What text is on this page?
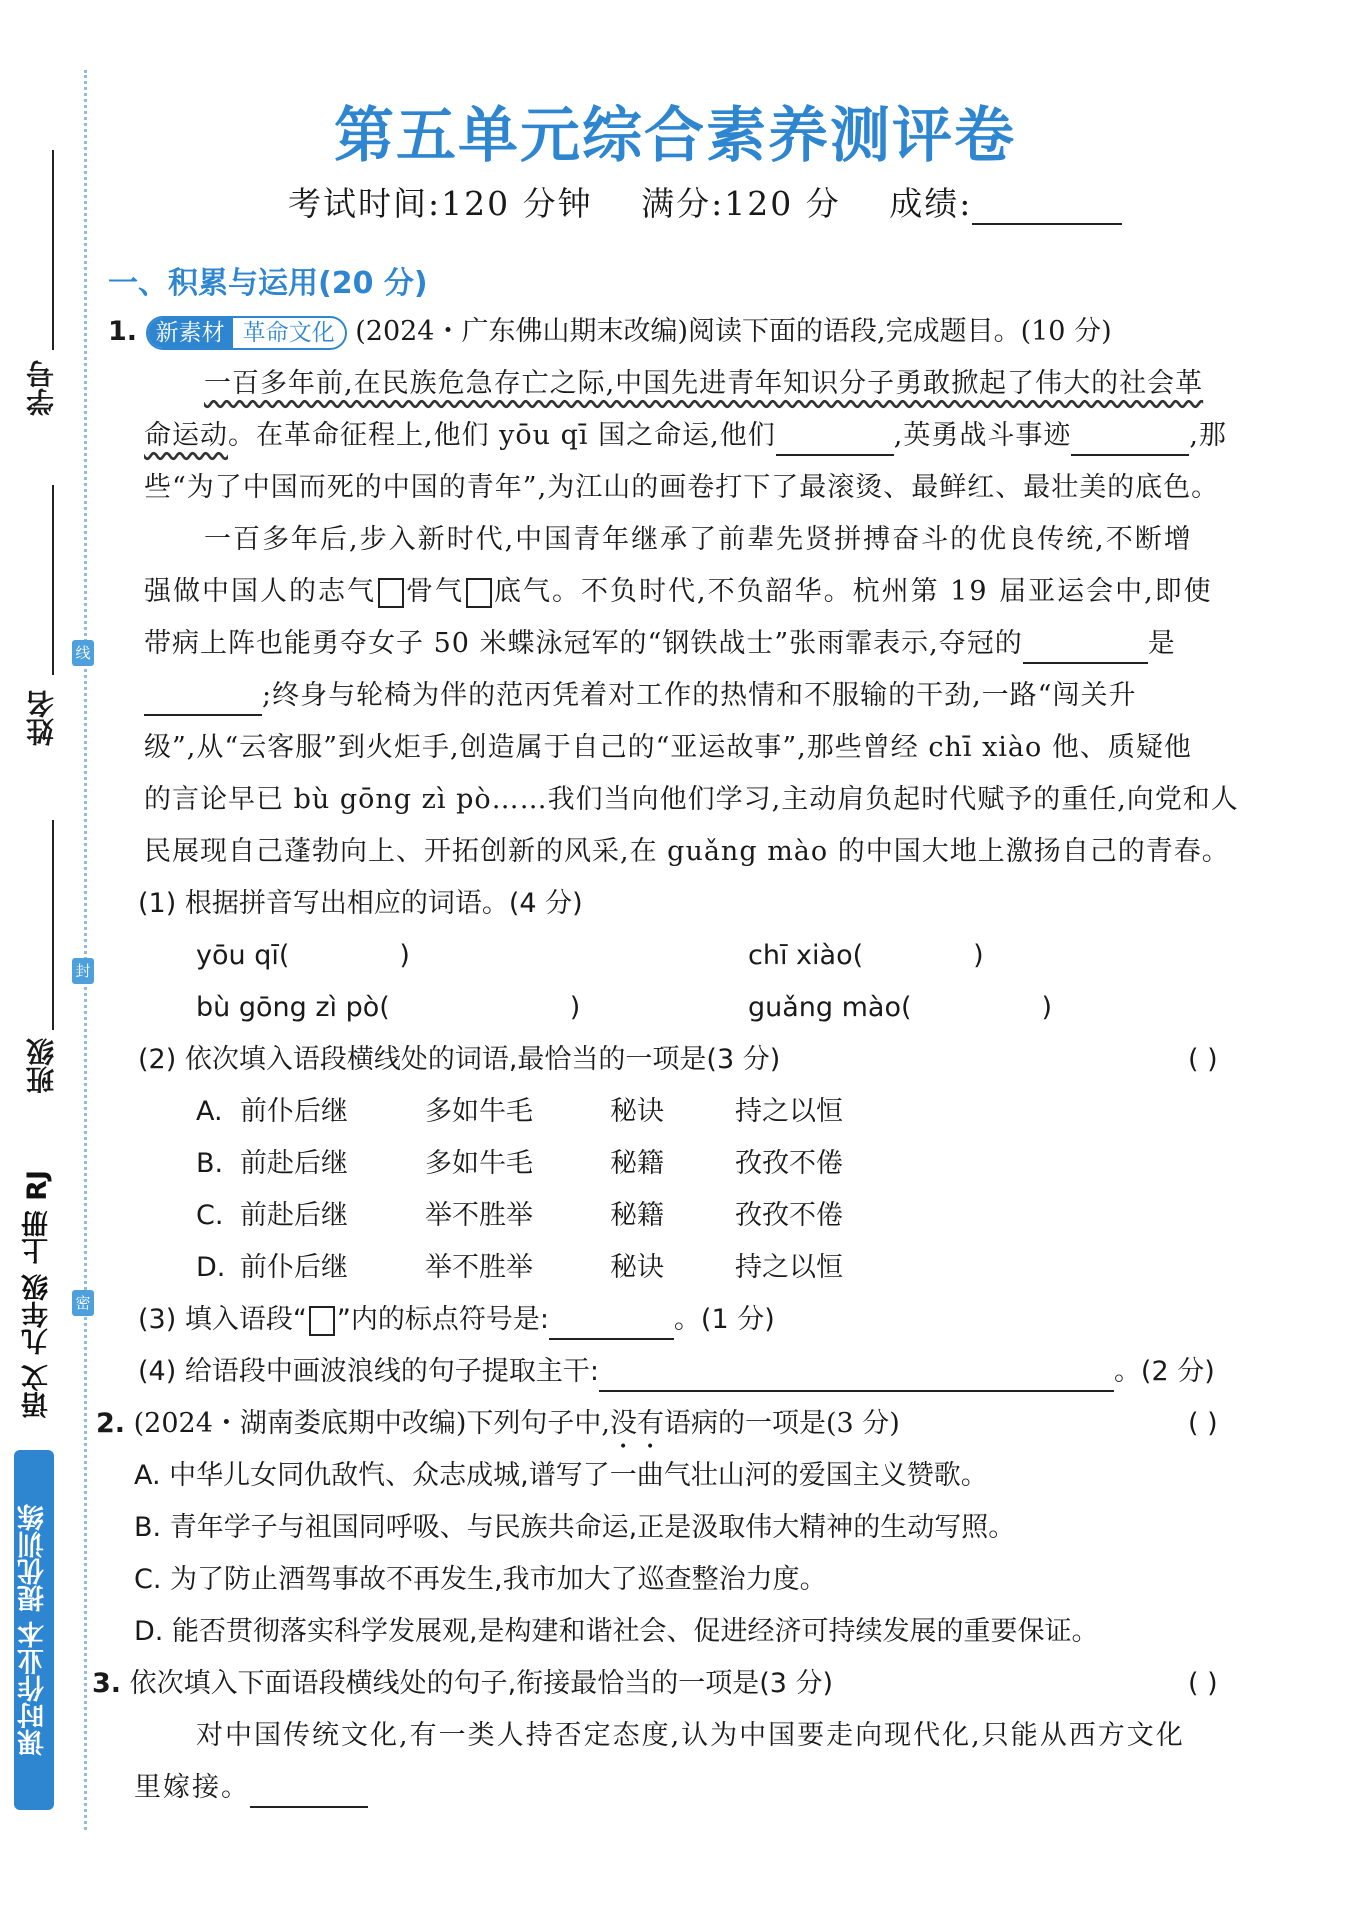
线
封
密
学号
姓名
班级
语文 九年级 上册 RJ
课时作业本 提优训练
第五单元综合素养测评卷
考试时间:120 分钟 满分:120 分 成绩:
一、积累与运用(20 分)
1. 新素材 革命文化 (2024・广东佛山期末改编)阅读下面的语段,完成题目。(10 分)
一百多年前,在民族危急存亡之际,中国先进青年知识分子勇敢掀起了伟大的社会革
命运动。在革命征程上,他们 yōu qī 国之命运,他们	,英勇战斗事迹	,那
些“为了中国而死的中国的青年”,为江山的画卷打下了最滚烫、最鲜红、最壮美的底色。
一百多年后,步入新时代,中国青年继承了前辈先贤拼搏奋斗的优良传统,不断增
强做中国人的志气 骨气 底气。不负时代,不负韶华。杭州第 19 届亚运会中,即使
带病上阵也能勇夺女子 50 米蝶泳冠军的“钢铁战士”张雨霏表示,夺冠的	是
;终身与轮椅为伴的范丙凭着对工作的热情和不服输的干劲,一路“闯关升
级”,从“云客服”到火炬手,创造属于自己的“亚运故事”,那些曾经 chī xiào 他、质疑他
的言论早已 bù gōng zì pò……我们当向他们学习,主动肩负起时代赋予的重任,向党和人
民展现自己蓬勃向上、开拓创新的风采,在 guǎng mào 的中国大地上激扬自己的青春。
(1) 根据拼音写出相应的词语。(4 分)
yōu qī(	)	chī xiào(	)
bù gōng zì pò(	)	guǎng mào(	)
(2) 依次填入语段横线处的词语,最恰当的一项是(3 分)	( )
A. 前仆后继	多如牛毛	秘诀	持之以恒
B. 前赴后继	多如牛毛	秘籍	孜孜不倦
C. 前赴后继	举不胜举	秘籍	孜孜不倦
D. 前仆后继	举不胜举	秘诀	持之以恒
(3) 填入语段“ ”内的标点符号是:	。(1 分)
(4) 给语段中画波浪线的句子提取主干:	。(2 分)
2. (2024・湖南娄底期中改编)下列句子中,没有语病的一项是(3 分)	( )
A. 中华儿女同仇敌忾、众志成城,谱写了一曲气壮山河的爱国主义赞歌。
B. 青年学子与祖国同呼吸、与民族共命运,正是汲取伟大精神的生动写照。
C. 为了防止酒驾事故不再发生,我市加大了巡查整治力度。
D. 能否贯彻落实科学发展观,是构建和谐社会、促进经济可持续发展的重要保证。
3. 依次填入下面语段横线处的句子,衔接最恰当的一项是(3 分)	( )
对中国传统文化,有一类人持否定态度,认为中国要走向现代化,只能从西方文化
里嫁接。
